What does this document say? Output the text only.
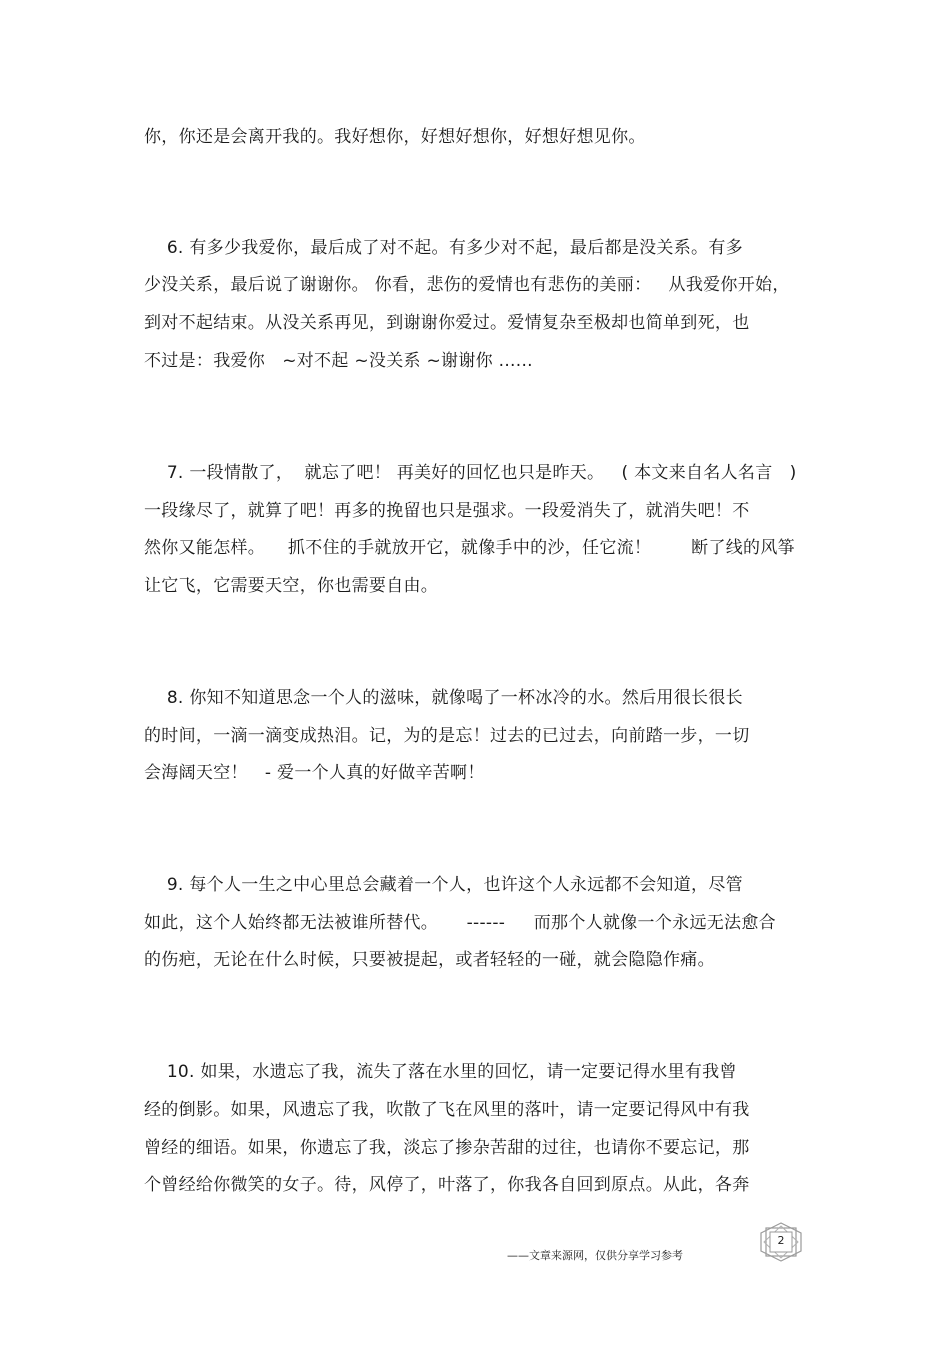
你，你还是会离开我的。我好想你，好想好想你，好想好想见你。
6. 有多少我爱你，最后成了对不起。有多少对不起，最后都是没关系。有多
少没关系，最后说了谢谢你。 你看，悲伤的爱情也有悲伤的美丽：   从我爱你开始，
到对不起结束。从没关系再见，到谢谢你爱过。爱情复杂至极却也简单到死，也
不过是：我爱你   ~对不起 ~没关系 ~谢谢你 ......
7. 一段情散了，  就忘了吧！ 再美好的回忆也只是昨天。   ( 本文来自名人名言   )
一段缘尽了，就算了吧！再多的挽留也只是强求。一段爱消失了，就消失吧！不
然你又能怎样。    抓不住的手就放开它，就像手中的沙，任它流！       断了线的风筝
让它飞，它需要天空，你也需要自由。
8. 你知不知道思念一个人的滋味，就像喝了一杯冰冷的水。然后用很长很长
的时间，一滴一滴变成热泪。记，为的是忘！过去的已过去，向前踏一步，一切
会海阔天空！   - 爱一个人真的好做辛苦啊！
9. 每个人一生之中心里总会藏着一个人，也许这个人永远都不会知道，尽管
如此，这个人始终都无法被谁所替代。     ------     而那个人就像一个永远无法愈合
的伤疤，无论在什么时候，只要被提起，或者轻轻的一碰，就会隐隐作痛。
10. 如果，水遗忘了我，流失了落在水里的回忆，请一定要记得水里有我曾
经的倒影。如果，风遗忘了我，吹散了飞在风里的落叶，请一定要记得风中有我
曾经的细语。如果，你遗忘了我，淡忘了掺杂苦甜的过往，也请你不要忘记，那
个曾经给你微笑的女子。待，风停了，叶落了，你我各自回到原点。从此，各奔
——文章来源网，仅供分享学习参考
2
